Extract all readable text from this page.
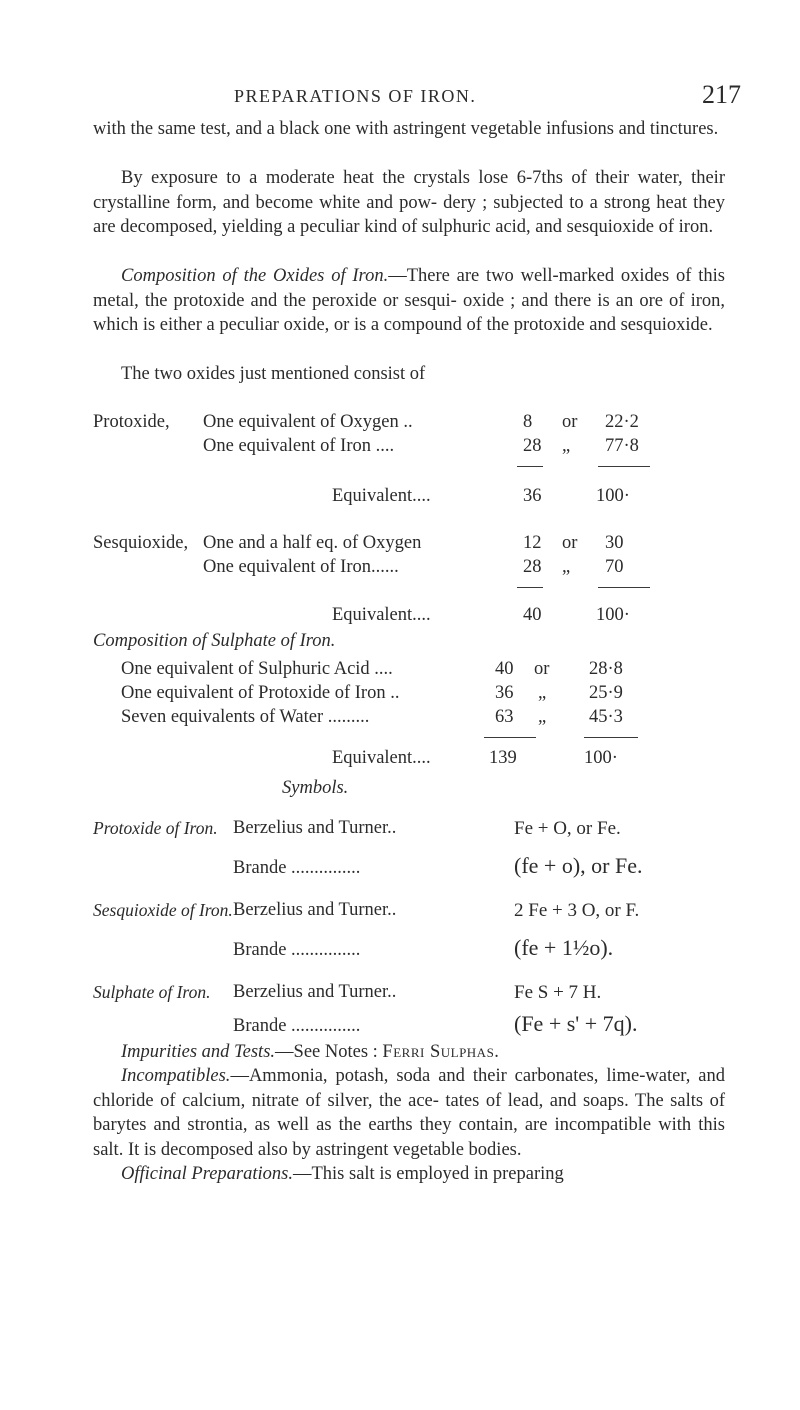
PREPARATIONS OF IRON.	217

with the same test, and a black one with astringent vegetable infusions and tinctures.

By exposure to a moderate heat the crystals lose 6-7ths of their water, their crystalline form, and become white and pow- dery ; subjected to a strong heat they are decomposed, yielding a peculiar kind of sulphuric acid, and sesquioxide of iron.

Composition of the Oxides of Iron.—There are two well-marked oxides of this metal, the protoxide and the peroxide or sesqui- oxide ; and there is an ore of iron, which is either a peculiar oxide, or is a compound of the protoxide and sesquioxide.

The two oxides just mentioned consist of

Protoxide, One equivalent of Oxygen ..	8 or 22·2
One equivalent of Iron ....	28 „ 77·8
Equivalent....	36	100·
Sesquioxide, One and a half eq. of Oxygen	12 or 30
One equivalent of Iron......	28 „ 70
Equivalent....	40	100·
Composition of Sulphate of Iron.
One equivalent of Sulphuric Acid ....	40 or 28·8
One equivalent of Protoxide of Iron ..	36 „ 25·9
Seven equivalents of Water .........	63 „ 45·3
Equivalent....	139	100·
Symbols.
Protoxide of Iron. Berzelius and Turner..	Fe + O, or Fe.
Brande ...............	(fe + o), or Fe.
Sesquioxide of Iron. Berzelius and Turner..	2 Fe + 3 O, or F.
Brande ...............	(fe + 1½o).
Sulphate of Iron. Berzelius and Turner..	Fe S + 7 H.
Brande ...............	(Fe + s' + 7q).

Impurities and Tests.—See Notes : Ferri Sulphas.

Incompatibles.—Ammonia, potash, soda and their carbonates, lime-water, and chloride of calcium, nitrate of silver, the ace- tates of lead, and soaps. The salts of barytes and strontia, as well as the earths they contain, are incompatible with this salt. It is decomposed also by astringent vegetable bodies.

Officinal Preparations.—This salt is employed in preparing
